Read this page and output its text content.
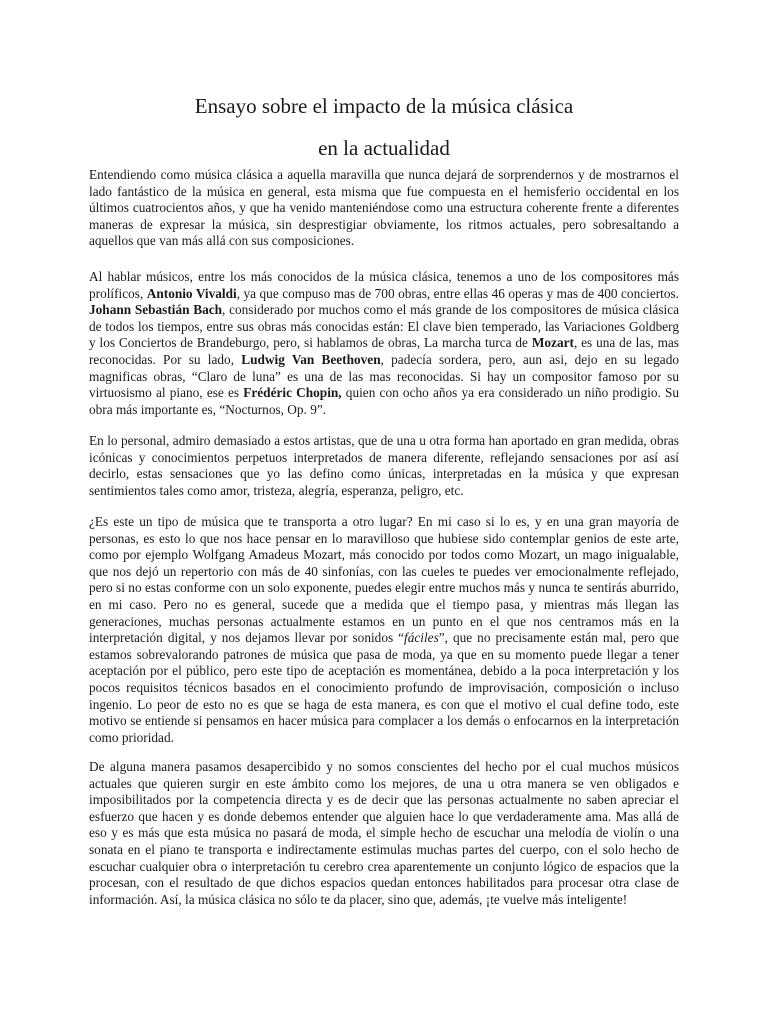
Ensayo sobre el impacto de la música clásica
en la actualidad

Entendiendo como música clásica a aquella maravilla que nunca dejará de sorprendernos y de mostrarnos el lado fantástico de la música en general, esta misma que fue compuesta en el hemisferio occidental en los últimos cuatrocientos años, y que ha venido manteniéndose como una estructura coherente frente a diferentes maneras de expresar la música, sin desprestigiar obviamente, los ritmos actuales, pero sobresaltando a aquellos que van más allá con sus composiciones.

Al hablar músicos, entre los más conocidos de la música clásica, tenemos a uno de los compositores más prolíficos, Antonio Vivaldi, ya que compuso mas de 700 obras, entre ellas 46 operas y mas de 400 conciertos. Johann Sebastián Bach, considerado por muchos como el más grande de los compositores de música clásica de todos los tiempos, entre sus obras más conocidas están: El clave bien temperado, las Variaciones Goldberg y los Conciertos de Brandeburgo, pero, si hablamos de obras, La marcha turca de Mozart, es una de las, mas reconocidas. Por su lado, Ludwig Van Beethoven, padecía sordera, pero, aun asi, dejo en su legado magnificas obras, “Claro de luna” es una de las mas reconocidas. Si hay un compositor famoso por su virtuosismo al piano, ese es Frédéric Chopin, quien con ocho años ya era considerado un niño prodigio. Su obra más importante es, “Nocturnos, Op. 9”.

En lo personal, admiro demasiado a estos artistas, que de una u otra forma han aportado en gran medida, obras icónicas y conocimientos perpetuos interpretados de manera diferente, reflejando sensaciones por así así decirlo, estas sensaciones que yo las defino como únicas, interpretadas en la música y que expresan sentimientos tales como amor, tristeza, alegría, esperanza, peligro, etc.

¿Es este un tipo de música que te transporta a otro lugar? En mi caso si lo es, y en una gran mayoría de personas, es esto lo que nos hace pensar en lo maravilloso que hubiese sido contemplar genios de este arte, como por ejemplo Wolfgang Amadeus Mozart, más conocido por todos como Mozart, un mago inigualable, que nos dejó un repertorio con más de 40 sinfonías, con las cueles te puedes ver emocionalmente reflejado, pero si no estas conforme con un solo exponente, puedes elegir entre muchos más y nunca te sentirás aburrido, en mi caso. Pero no es general, sucede que a medida que el tiempo pasa, y mientras más llegan las generaciones, muchas personas actualmente estamos en un punto en el que nos centramos más en la interpretación digital, y nos dejamos llevar por sonidos “fáciles”, que no precisamente están mal, pero que estamos sobrevalorando patrones de música que pasa de moda, ya que en su momento puede llegar a tener aceptación por el público, pero este tipo de aceptación es momentánea, debido a la poca interpretación y los pocos requisitos técnicos basados en el conocimiento profundo de improvisación, composición o incluso ingenio. Lo peor de esto no es que se haga de esta manera, es con que el motivo el cual define todo, este motivo se entiende si pensamos en hacer música para complacer a los demás o enfocarnos en la interpretación como prioridad.

De alguna manera pasamos desapercibido y no somos conscientes del hecho por el cual muchos músicos actuales que quieren surgir en este ámbito como los mejores, de una u otra manera se ven obligados e imposibilitados por la competencia directa y es de decir que las personas actualmente no saben apreciar el esfuerzo que hacen y es donde debemos entender que alguien hace lo que verdaderamente ama. Mas allá de eso y es más que esta música no pasará de moda, el simple hecho de escuchar una melodía de violín o una sonata en el piano te transporta e indirectamente estimulas muchas partes del cuerpo, con el solo hecho de escuchar cualquier obra o interpretación tu cerebro crea aparentemente un conjunto lógico de espacios que la procesan, con el resultado de que dichos espacios quedan entonces habilitados para procesar otra clase de información. Así, la música clásica no sólo te da placer, sino que, además, ¡te vuelve más inteligente!
